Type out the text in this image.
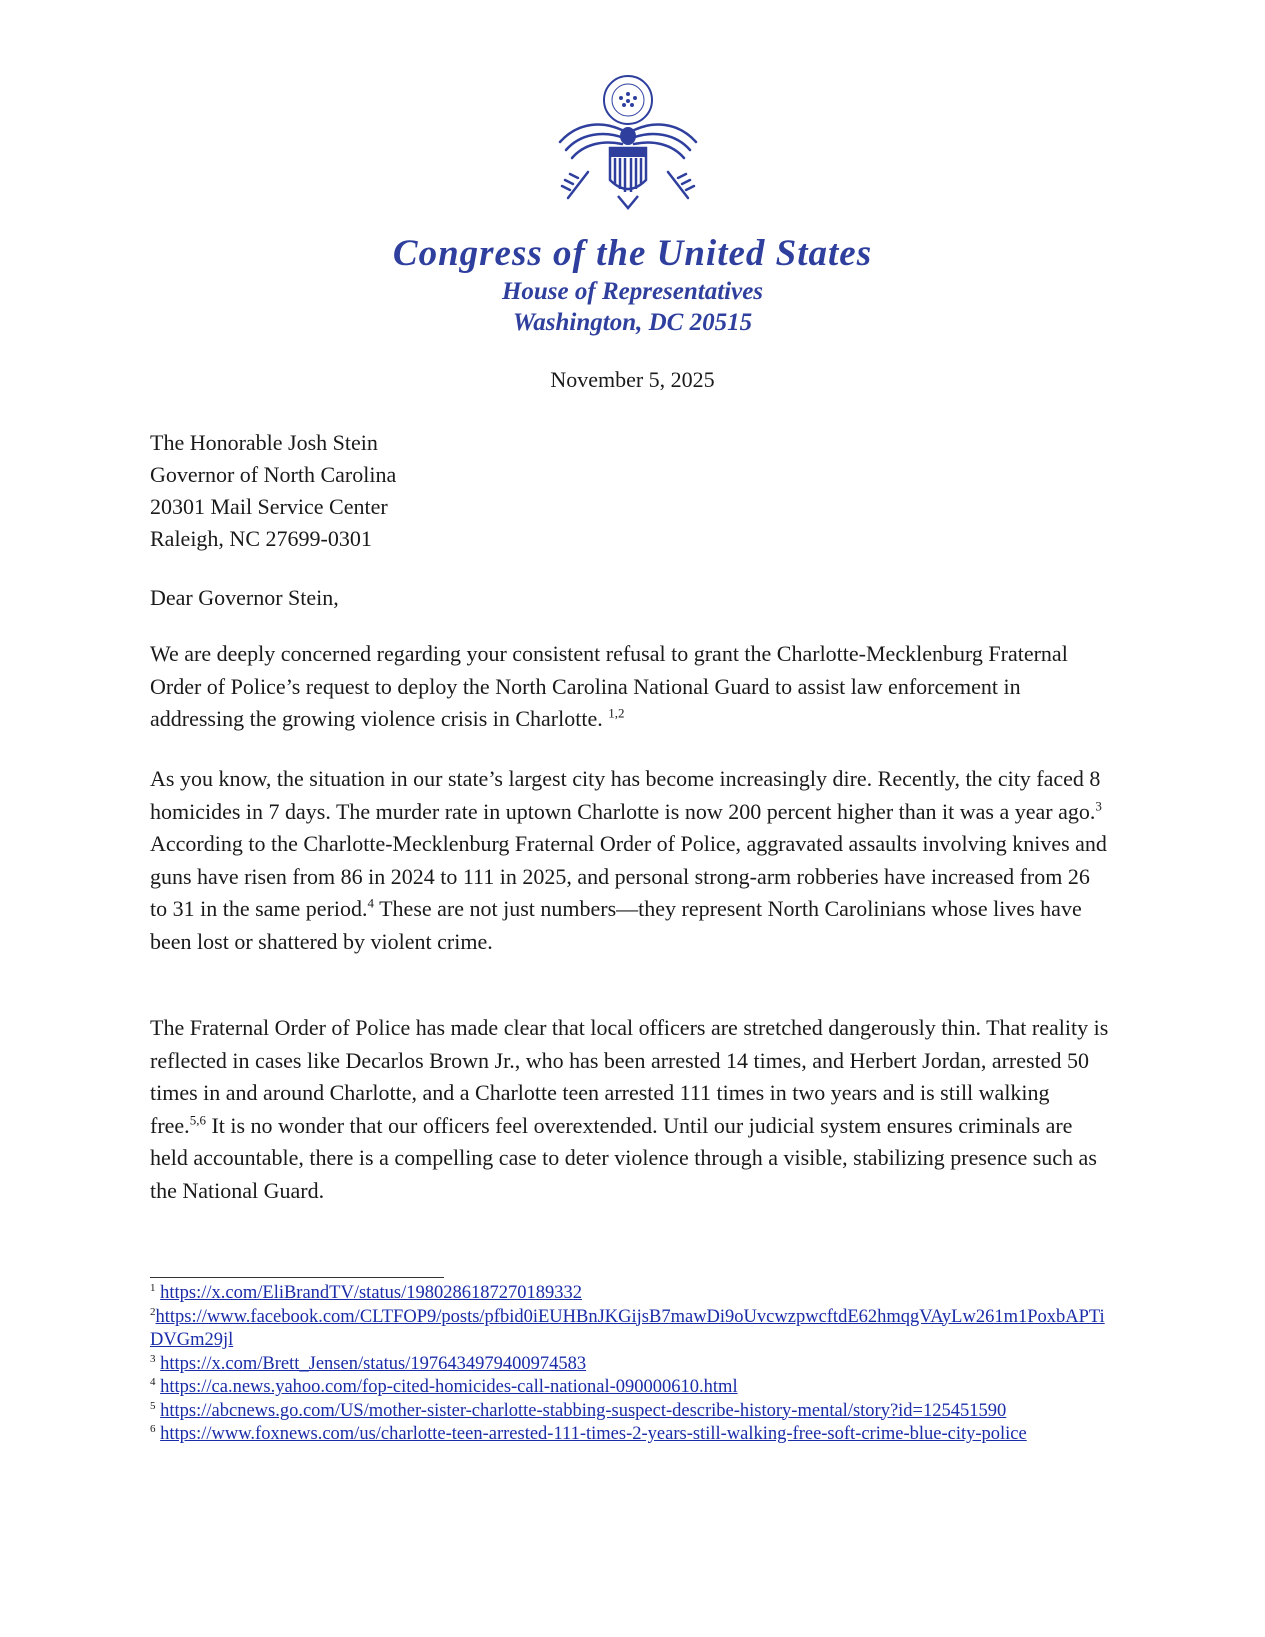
Congress of the United States
House of Representatives
Washington, DC 20515
November 5, 2025
The Honorable Josh Stein
Governor of North Carolina
20301 Mail Service Center
Raleigh, NC 27699-0301
Dear Governor Stein,
We are deeply concerned regarding your consistent refusal to grant the Charlotte-Mecklenburg Fraternal Order of Police’s request to deploy the North Carolina National Guard to assist law enforcement in addressing the growing violence crisis in Charlotte. $^{1,2}$
As you know, the situation in our state’s largest city has become increasingly dire. Recently, the city faced 8 homicides in 7 days. The murder rate in uptown Charlotte is now 200 percent higher than it was a year ago.$^3$ According to the Charlotte-Mecklenburg Fraternal Order of Police, aggravated assaults involving knives and guns have risen from 86 in 2024 to 111 in 2025, and personal strong-arm robberies have increased from 26 to 31 in the same period.$^4$ These are not just numbers—they represent North Carolinians whose lives have been lost or shattered by violent crime.
The Fraternal Order of Police has made clear that local officers are stretched dangerously thin. That reality is reflected in cases like Decarlos Brown Jr., who has been arrested 14 times, and Herbert Jordan, arrested 50 times in and around Charlotte, and a Charlotte teen arrested 111 times in two years and is still walking free.$^{5,6}$ It is no wonder that our officers feel overextended. Until our judicial system ensures criminals are held accountable, there is a compelling case to deter violence through a visible, stabilizing presence such as the National Guard.

$^1$ https://x.com/EliBrandTV/status/1980286187270189332

$^2$https://www.facebook.com/CLTFOP9/posts/pfbid0iEUHBnJKGijsB7mawDi9oUvcwzpwcftdE62hmqgVAyLw261m1PoxbAPTiDVGm29jl

$^3$ https://x.com/Brett_Jensen/status/1976434979400974583

$^4$ https://ca.news.yahoo.com/fop-cited-homicides-call-national-090000610.html

$^5$ https://abcnews.go.com/US/mother-sister-charlotte-stabbing-suspect-describe-history-mental/story?id=125451590

$^6$ https://www.foxnews.com/us/charlotte-teen-arrested-111-times-2-years-still-walking-free-soft-crime-blue-city-police
